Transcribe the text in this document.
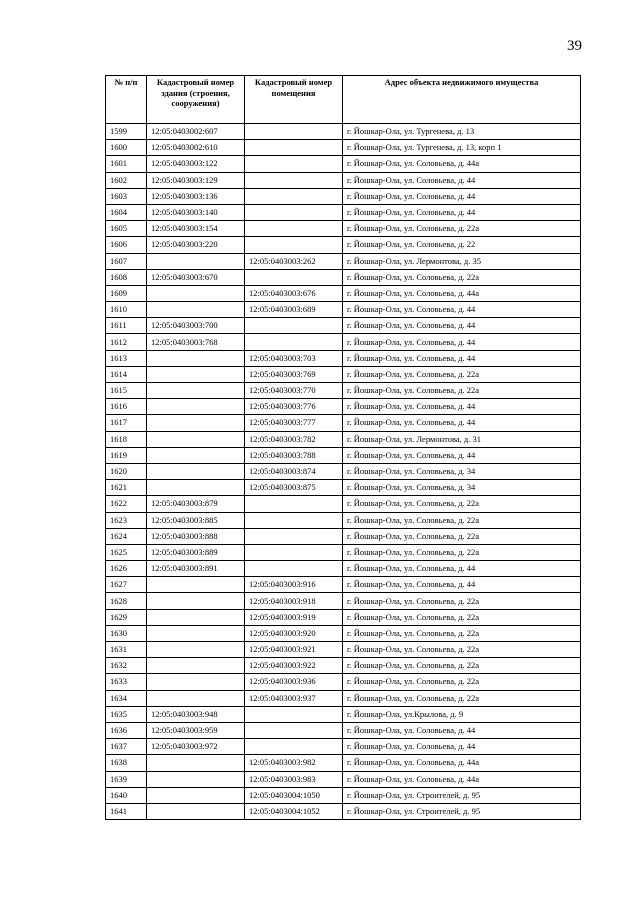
39
№ п/п	Кадастровый номер здания (строения, сооружения)	Кадастровый номер помещения	Адрес объекта недвижимого имущества
1599	12:05:0403002:607		г. Йошкар-Ола, ул. Тургенева, д. 13
1600	12:05:0403002:610		г. Йошкар-Ола, ул. Тургенева, д. 13, корп 1
1601	12:05:0403003:122		г. Йошкар-Ола, ул. Соловьева, д. 44а
1602	12:05:0403003:129		г. Йошкар-Ола, ул. Соловьева, д. 44
1603	12:05:0403003:136		г. Йошкар-Ола, ул. Соловьева, д. 44
1604	12:05:0403003:140		г. Йошкар-Ола, ул. Соловьева, д. 44
1605	12:05:0403003:154		г. Йошкар-Ола, ул. Соловьева, д. 22а
1606	12:05:0403003:220		г. Йошкар-Ола, ул. Соловьева, д. 22
1607		12:05:0403003:262	г. Йошкар-Ола, ул. Лермонтова, д. 35
1608	12:05:0403003:670		г. Йошкар-Ола, ул. Соловьева, д. 22а
1609		12:05:0403003:676	г. Йошкар-Ола, ул. Соловьева, д. 44а
1610		12:05:0403003:689	г. Йошкар-Ола, ул. Соловьева, д. 44
1611	12:05:0403003:700		г. Йошкар-Ола, ул. Соловьева, д. 44
1612	12:05:0403003:768		г. Йошкар-Ола, ул. Соловьева, д. 44
1613		12:05:0403003:703	г. Йошкар-Ола, ул. Соловьева, д. 44
1614		12:05:0403003:769	г. Йошкар-Ола, ул. Соловьева, д. 22а
1615		12:05:0403003:770	г. Йошкар-Ола, ул. Соловьева, д. 22а
1616		12:05:0403003:776	г. Йошкар-Ола, ул. Соловьева, д. 44
1617		12:05:0403003:777	г. Йошкар-Ола, ул. Соловьева, д. 44
1618		12:05:0403003:782	г. Йошкар-Ола, ул. Лермонтова, д. 31
1619		12:05:0403003:788	г. Йошкар-Ола, ул. Соловьева, д. 44
1620		12:05:0403003:874	г. Йошкар-Ола, ул. Соловьева, д. 34
1621		12:05:0403003:875	г. Йошкар-Ола, ул. Соловьева, д. 34
1622	12:05:0403003:879		г. Йошкар-Ола, ул. Соловьева, д. 22а
1623	12:05:0403003:885		г. Йошкар-Ола, ул. Соловьева, д. 22а
1624	12:05:0403003:888		г. Йошкар-Ола, ул. Соловьева, д. 22а
1625	12:05:0403003:889		г. Йошкар-Ола, ул. Соловьева, д. 22а
1626	12:05:0403003:891		г. Йошкар-Ола, ул. Соловьева, д. 44
1627		12:05:0403003:916	г. Йошкар-Ола, ул. Соловьева, д. 44
1628		12:05:0403003:918	г. Йошкар-Ола, ул. Соловьева, д. 22а
1629		12:05:0403003:919	г. Йошкар-Ола, ул. Соловьева, д. 22а
1630		12:05:0403003:920	г. Йошкар-Ола, ул. Соловьева, д. 22а
1631		12:05:0403003:921	г. Йошкар-Ола, ул. Соловьева, д. 22а
1632		12:05:0403003:922	г. Йошкар-Ола, ул. Соловьева, д. 22а
1633		12:05:0403003:936	г. Йошкар-Ола, ул. Соловьева, д. 22а
1634		12:05:0403003:937	г. Йошкар-Ола, ул. Соловьева, д. 22а
1635	12:05:0403003:948		г. Йошкар-Ола, ул.Крылова, д. 9
1636	12:05:0403003:959		г. Йошкар-Ола, ул. Соловьева, д. 44
1637	12:05:0403003:972		г. Йошкар-Ола, ул. Соловьева, д. 44
1638		12:05:0403003:982	г. Йошкар-Ола, ул. Соловьева, д. 44а
1639		12:05:0403003:983	г. Йошкар-Ола, ул. Соловьева, д. 44а
1640		12:05:0403004:1050	г. Йошкар-Ола, ул. Строителей, д. 95
1641		12:05:0403004:1052	г. Йошкар-Ола, ул. Строителей, д. 95
